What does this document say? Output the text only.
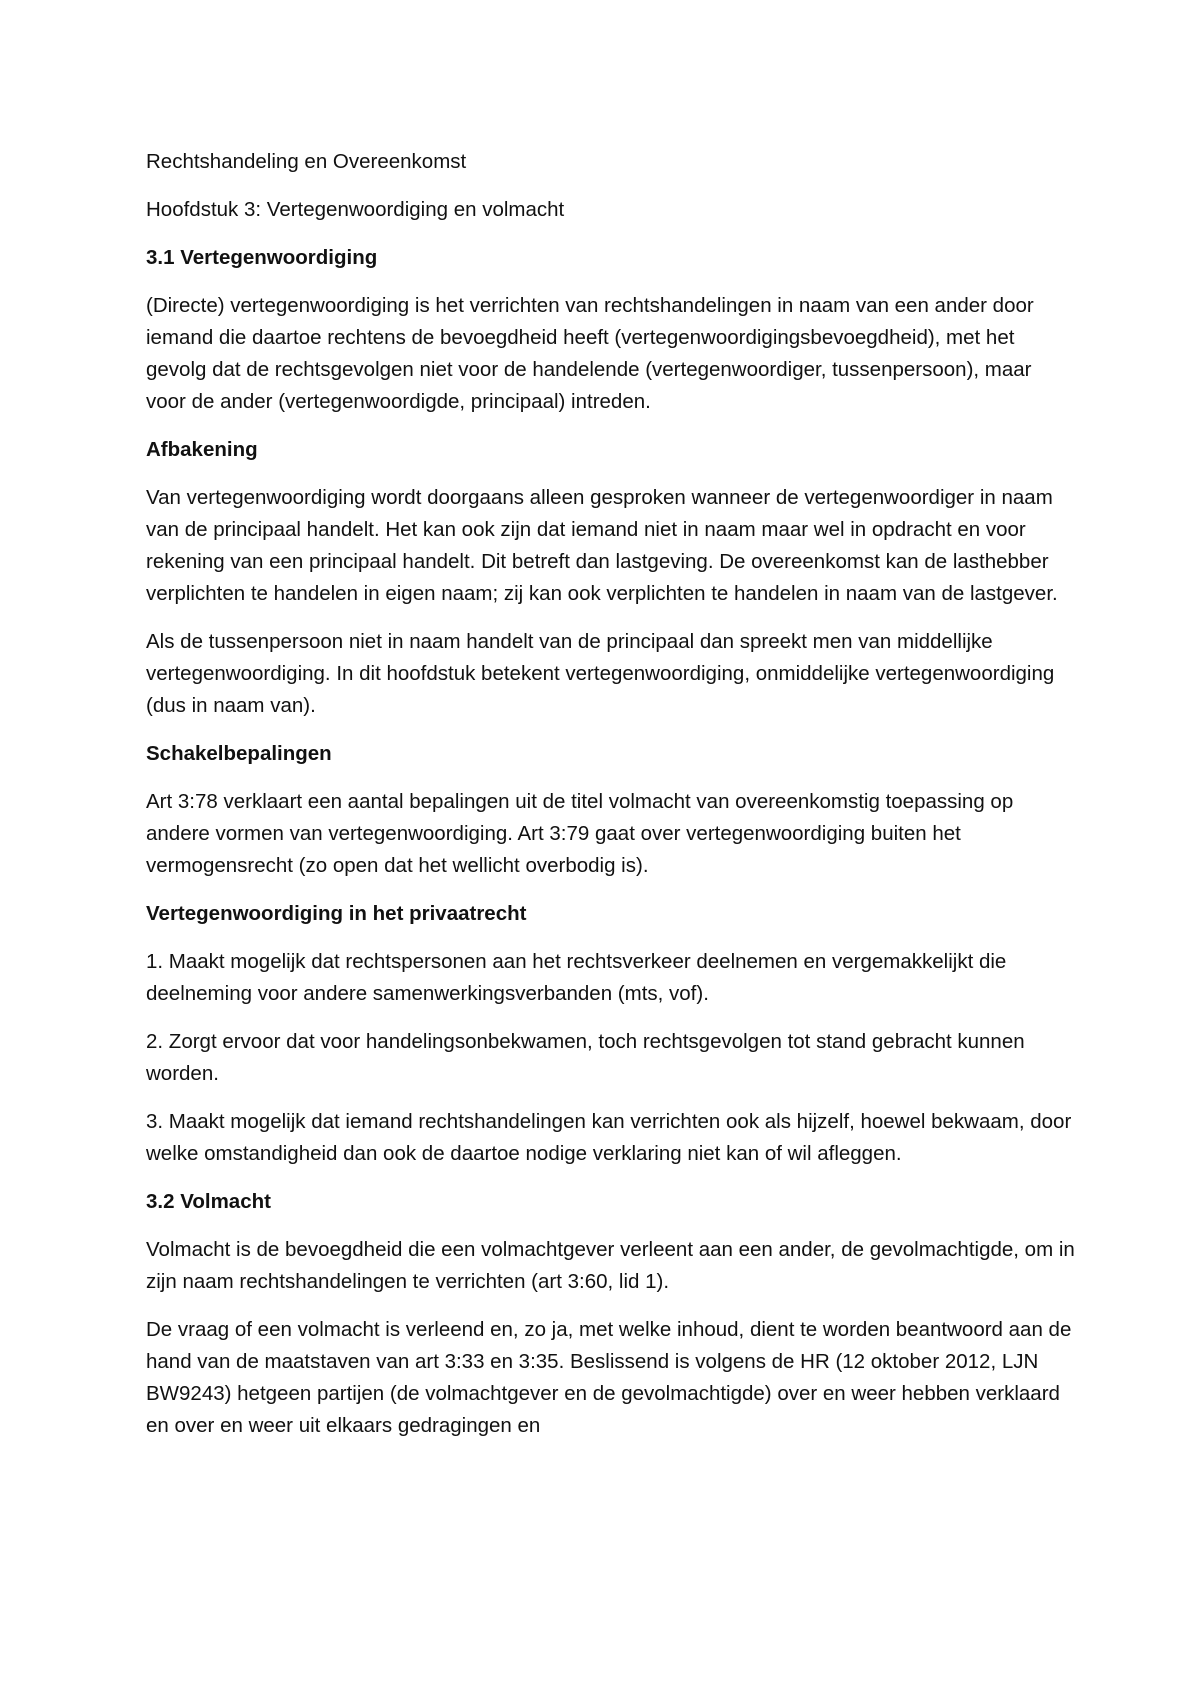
Rechtshandeling en Overeenkomst

Hoofdstuk 3: Vertegenwoordiging en volmacht

3.1 Vertegenwoordiging

(Directe) vertegenwoordiging is het verrichten van rechtshandelingen in naam van een ander door iemand die daartoe rechtens de bevoegdheid heeft (vertegenwoordigingsbevoegdheid), met het gevolg dat de rechtsgevolgen niet voor de handelende (vertegenwoordiger, tussenpersoon), maar voor de ander (vertegenwoordigde, principaal) intreden.

Afbakening

Van vertegenwoordiging wordt doorgaans alleen gesproken wanneer de vertegenwoordiger in naam van de principaal handelt. Het kan ook zijn dat iemand niet in naam maar wel in opdracht en voor rekening van een principaal handelt. Dit betreft dan lastgeving. De overeenkomst kan de lasthebber verplichten te handelen in eigen naam; zij kan ook verplichten te handelen in naam van de lastgever.

Als de tussenpersoon niet in naam handelt van de principaal dan spreekt men van middellijke vertegenwoordiging. In dit hoofdstuk betekent vertegenwoordiging, onmiddelijke vertegenwoordiging (dus in naam van).

Schakelbepalingen

Art 3:78 verklaart een aantal bepalingen uit de titel volmacht van overeenkomstig toepassing op andere vormen van vertegenwoordiging. Art 3:79 gaat over vertegenwoordiging buiten het vermogensrecht (zo open dat het wellicht overbodig is).

Vertegenwoordiging in het privaatrecht

1. Maakt mogelijk dat rechtspersonen aan het rechtsverkeer deelnemen en vergemakkelijkt die deelneming voor andere samenwerkingsverbanden (mts, vof).

2. Zorgt ervoor dat voor handelingsonbekwamen, toch rechtsgevolgen tot stand gebracht kunnen worden.

3. Maakt mogelijk dat iemand rechtshandelingen kan verrichten ook als hijzelf, hoewel bekwaam, door welke omstandigheid dan ook de daartoe nodige verklaring niet kan of wil afleggen.

3.2 Volmacht

Volmacht is de bevoegdheid die een volmachtgever verleent aan een ander, de gevolmachtigde, om in zijn naam rechtshandelingen te verrichten (art 3:60, lid 1).

De vraag of een volmacht is verleend en, zo ja, met welke inhoud, dient te worden beantwoord aan de hand van de maatstaven van art 3:33 en 3:35. Beslissend is volgens de HR (12 oktober 2012, LJN BW9243) hetgeen partijen (de volmachtgever en de gevolmachtigde) over en weer hebben verklaard en over en weer uit elkaars gedragingen en
